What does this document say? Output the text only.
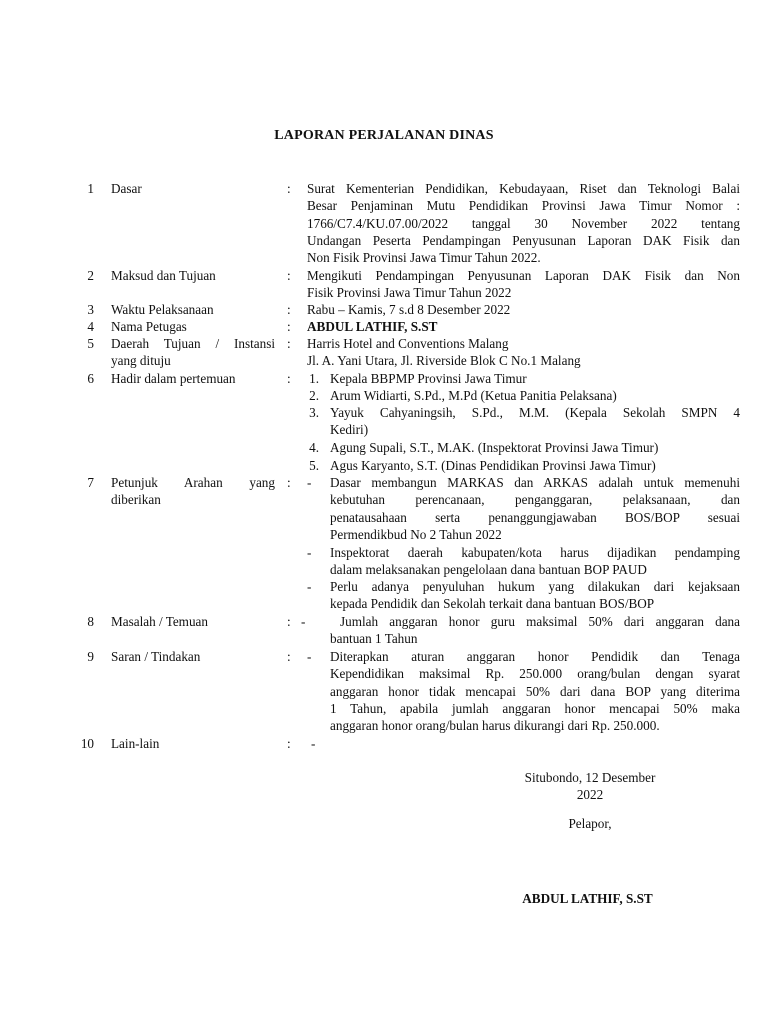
LAPORAN PERJALANAN DINAS
1 Dasar	:	Surat Kementerian Pendidikan, Kebudayaan, Riset dan Teknologi Balai
Besar Penjaminan Mutu Pendidikan Provinsi Jawa Timur Nomor :
1766/C7.4/KU.07.00/2022 tanggal 30 November 2022 tentang
Undangan Peserta Pendampingan Penyusunan Laporan DAK Fisik dan
Non Fisik Provinsi Jawa Timur Tahun 2022.
2 Maksud dan Tujuan	:	Mengikuti Pendampingan Penyusunan Laporan DAK Fisik dan Non
Fisik Provinsi Jawa Timur Tahun 2022
3 Waktu Pelaksanaan	:	Rabu – Kamis, 7 s.d 8 Desember 2022
4 Nama Petugas	:	ABDUL LATHIF, S.ST
5 Daerah Tujuan / Instansi
yang dituju
:	Harris Hotel and Conventions Malang
Jl. A. Yani Utara, Jl. Riverside Blok C No.1 Malang
6 Hadir dalam pertemuan	:	1. Kepala BBPMP Provinsi Jawa Timur
2. Arum Widiarti, S.Pd., M.Pd (Ketua Panitia Pelaksana)
3. Yayuk Cahyaningsih, S.Pd., M.M. (Kepala Sekolah SMPN 4
Kediri)
4. Agung Supali, S.T., M.AK. (Inspektorat Provinsi Jawa Timur)
5. Agus Karyanto, S.T. (Dinas Pendidikan Provinsi Jawa Timur)
7 Petunjuk Arahan yang
diberikan
:	-	Dasar membangun MARKAS dan ARKAS adalah untuk memenuhi
kebutuhan perencanaan, penganggaran, pelaksanaan, dan
penatausahaan serta penanggungjawaban BOS/BOP sesuai
Permendikbud No 2 Tahun 2022
-	Inspektorat daerah kabupaten/kota harus dijadikan pendamping
dalam melaksanakan pengelolaan dana bantuan BOP PAUD
-	Perlu adanya penyuluhan hukum yang dilakukan dari kejaksaan
kepada Pendidik dan Sekolah terkait dana bantuan BOS/BOP
8 Masalah / Temuan	: -	Jumlah anggaran honor guru maksimal 50% dari anggaran dana
bantuan 1 Tahun
9 Saran / Tindakan	:	-	Diterapkan aturan anggaran honor Pendidik dan Tenaga
Kependidikan maksimal Rp. 250.000 orang/bulan dengan syarat
anggaran honor tidak mencapai 50% dari dana BOP yang diterima
1 Tahun, apabila jumlah anggaran honor mencapai 50% maka
anggaran honor orang/bulan harus dikurangi dari Rp. 250.000.
10 Lain-lain	:	-
Situbondo, 12 Desember
2022
Pelapor,
ABDUL LATHIF, S.ST
